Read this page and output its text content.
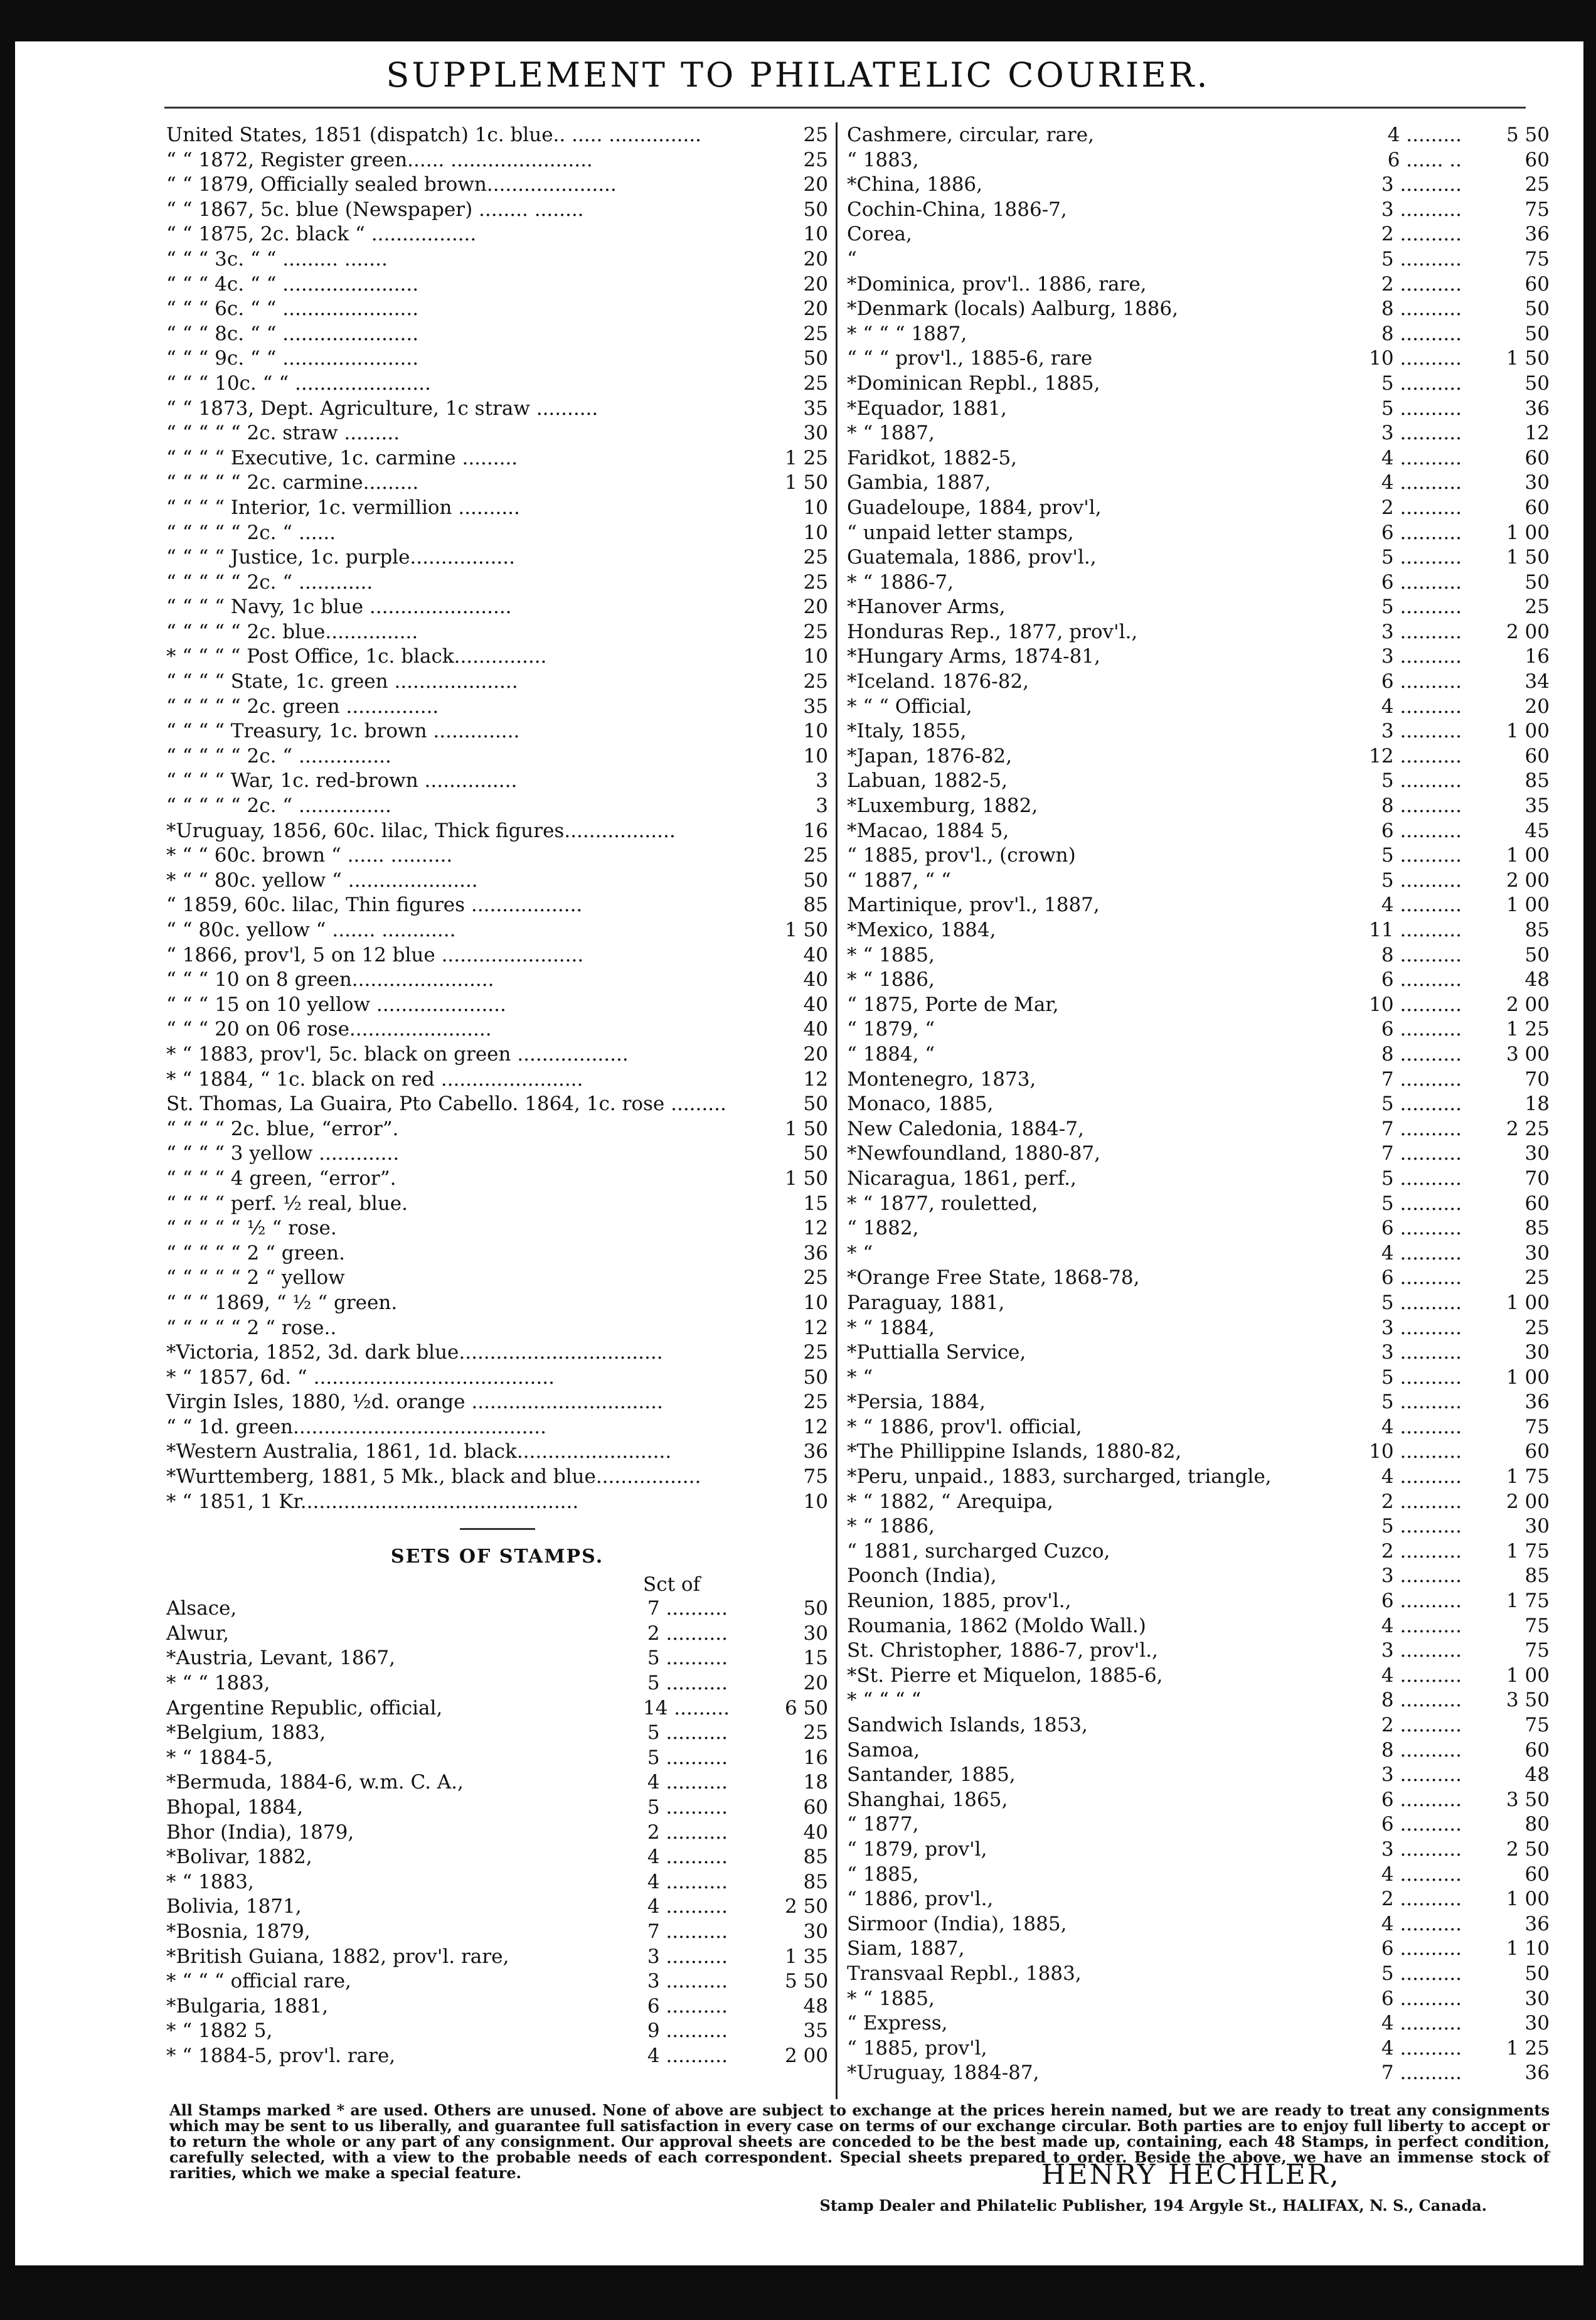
SUPPLEMENT TO PHILATELIC COURIER.
United States, 1851 (dispatch) 1c. blue.. ..... ...............	25
“ “ 1872, Register green...... .......................	25
“ “ 1879, Officially sealed brown.....................	20
“ “ 1867, 5c. blue (Newspaper) ........ ........	50
“ “ 1875, 2c. black “ .................	10
“ “ “ 3c. “ “ ......... .......	20
“ “ “ 4c. “ “ ......................	20
“ “ “ 6c. “ “ ......................	20
“ “ “ 8c. “ “ ......................	25
“ “ “ 9c. “ “ ......................	50
“ “ “ 10c. “ “ ......................	25
“ “ 1873, Dept. Agriculture, 1c straw ..........	35
“ “ “ “ “ 2c. straw .........	30
“ “ “ “ Executive, 1c. carmine .........	1 25
“ “ “ “ “ 2c. carmine.........	1 50
“ “ “ “ Interior, 1c. vermillion ..........	10
“ “ “ “ “ 2c. “ ......	10
“ “ “ “ Justice, 1c. purple.................	25
“ “ “ “ “ 2c. “ ............	25
“ “ “ “ Navy, 1c blue .......................	20
“ “ “ “ “ 2c. blue...............	25
* “ “ “ “ Post Office, 1c. black...............	10
“ “ “ “ State, 1c. green ....................	25
“ “ “ “ “ 2c. green ...............	35
“ “ “ “ Treasury, 1c. brown ..............	10
“ “ “ “ “ 2c. “ ...............	10
“ “ “ “ War, 1c. red-brown ...............	3
“ “ “ “ “ 2c. “ ...............	3
*Uruguay, 1856, 60c. lilac, Thick figures..................	16
* “ “ 60c. brown “ ...... ..........	25
* “ “ 80c. yellow “ .....................	50
“ 1859, 60c. lilac, Thin figures ..................	85
“ “ 80c. yellow “ ....... ............	1 50
“ 1866, prov'l, 5 on 12 blue .......................	40
“ “ “ 10 on 8 green.......................	40
“ “ “ 15 on 10 yellow .....................	40
“ “ “ 20 on 06 rose.......................	40
* “ 1883, prov'l, 5c. black on green ..................	20
* “ 1884, “ 1c. black on red .......................	12
St. Thomas, La Guaira, Pto Cabello. 1864, 1c. rose .........	50
“ “ “ “ 2c. blue, “error”.	1 50
“ “ “ “ 3 yellow .............	50
“ “ “ “ 4 green, “error”.	1 50
“ “ “ “ perf. ½ real, blue.	15
“ “ “ “ “ ½ “ rose.	12
“ “ “ “ “ 2 “ green.	36
“ “ “ “ “ 2 “ yellow	25
“ “ “ 1869, “ ½ “ green.	10
“ “ “ “ “ 2 “ rose..	12
*Victoria, 1852, 3d. dark blue.................................	25
* “ 1857, 6d. “ .......................................	50
Virgin Isles, 1880, ½d. orange ...............................	25
“ “ 1d. green.........................................	12
*Western Australia, 1861, 1d. black.........................	36
*Wurttemberg, 1881, 5 Mk., black and blue.................	75
* “ 1851, 1 Kr.............................................	10
SETS OF STAMPS.
Sct of
Alsace,	7 ..........	50
Alwur,	2 ..........	30
*Austria, Levant, 1867,	5 ..........	15
* “ “ 1883,	5 ..........	20
Argentine Republic, official,	14 .........	6 50
*Belgium, 1883,	5 ..........	25
* “ 1884-5,	5 ..........	16
*Bermuda, 1884-6, w.m. C. A.,	4 ..........	18
Bhopal, 1884,	5 ..........	60
Bhor (India), 1879,	2 ..........	40
*Bolivar, 1882,	4 ..........	85
* “ 1883,	4 ..........	85
Bolivia, 1871,	4 ..........	2 50
*Bosnia, 1879,	7 ..........	30
*British Guiana, 1882, prov'l. rare,	3 ..........	1 35
* “ “ “ official rare,	3 ..........	5 50
*Bulgaria, 1881,	6 ..........	48
* “ 1882 5,	9 ..........	35
* “ 1884-5, prov'l. rare,	4 ..........	2 00
Cashmere, circular, rare,	4 .........	5 50
“ 1883,	6 ...... ..	60
*China, 1886,	3 ..........	25
Cochin-China, 1886-7,	3 ..........	75
Corea,	2 ..........	36
“	5 ..........	75
*Dominica, prov'l.. 1886, rare,	2 ..........	60
*Denmark (locals) Aalburg, 1886,	8 ..........	50
* “ “ “ 1887,	8 ..........	50
“ “ “ prov'l., 1885-6, rare	10 ..........	1 50
*Dominican Repbl., 1885,	5 ..........	50
*Equador, 1881,	5 ..........	36
* “ 1887,	3 ..........	12
Faridkot, 1882-5,	4 ..........	60
Gambia, 1887,	4 ..........	30
Guadeloupe, 1884, prov'l,	2 ..........	60
“ unpaid letter stamps,	6 ..........	1 00
Guatemala, 1886, prov'l.,	5 ..........	1 50
* “ 1886-7,	6 ..........	50
*Hanover Arms,	5 ..........	25
Honduras Rep., 1877, prov'l.,	3 ..........	2 00
*Hungary Arms, 1874-81,	3 ..........	16
*Iceland. 1876-82,	6 ..........	34
* “ “ Official,	4 ..........	20
*Italy, 1855,	3 ..........	1 00
*Japan, 1876-82,	12 ..........	60
Labuan, 1882-5,	5 ..........	85
*Luxemburg, 1882,	8 ..........	35
*Macao, 1884 5,	6 ..........	45
“ 1885, prov'l., (crown)	5 ..........	1 00
“ 1887, “ “	5 ..........	2 00
Martinique, prov'l., 1887,	4 ..........	1 00
*Mexico, 1884,	11 ..........	85
* “ 1885,	8 ..........	50
* “ 1886,	6 ..........	48
“ 1875, Porte de Mar,	10 ..........	2 00
“ 1879, “	6 ..........	1 25
“ 1884, “	8 ..........	3 00
Montenegro, 1873,	7 ..........	70
Monaco, 1885,	5 ..........	18
New Caledonia, 1884-7,	7 ..........	2 25
*Newfoundland, 1880-87,	7 ..........	30
Nicaragua, 1861, perf.,	5 ..........	70
* “ 1877, rouletted,	5 ..........	60
“ 1882,	6 ..........	85
* “	4 ..........	30
*Orange Free State, 1868-78,	6 ..........	25
Paraguay, 1881,	5 ..........	1 00
* “ 1884,	3 ..........	25
*Puttialla Service,	3 ..........	30
* “	5 ..........	1 00
*Persia, 1884,	5 ..........	36
* “ 1886, prov'l. official,	4 ..........	75
*The Phillippine Islands, 1880-82,	10 ..........	60
*Peru, unpaid., 1883, surcharged, triangle,	4 ..........	1 75
* “ 1882, “ Arequipa,	2 ..........	2 00
* “ 1886,	5 ..........	30
“ 1881, surcharged Cuzco,	2 ..........	1 75
Poonch (India),	3 ..........	85
Reunion, 1885, prov'l.,	6 ..........	1 75
Roumania, 1862 (Moldo Wall.)	4 ..........	75
St. Christopher, 1886-7, prov'l.,	3 ..........	75
*St. Pierre et Miquelon, 1885-6,	4 ..........	1 00
* “ “ “ “	8 ..........	3 50
Sandwich Islands, 1853,	2 ..........	75
Samoa,	8 ..........	60
Santander, 1885,	3 ..........	48
Shanghai, 1865,	6 ..........	3 50
“ 1877,	6 ..........	80
“ 1879, prov'l,	3 ..........	2 50
“ 1885,	4 ..........	60
“ 1886, prov'l.,	2 ..........	1 00
Sirmoor (India), 1885,	4 ..........	36
Siam, 1887,	6 ..........	1 10
Transvaal Repbl., 1883,	5 ..........	50
* “ 1885,	6 ..........	30
“ Express,	4 ..........	30
“ 1885, prov'l,	4 ..........	1 25
*Uruguay, 1884-87,	7 ..........	36
All Stamps marked * are used. Others are unused. None of above are subject to exchange at the prices herein named, but we are ready to treat any consignments which may be sent to us liberally, and guarantee full satisfaction in every case on terms of our exchange circular. Both parties are to enjoy full liberty to accept or to return the whole or any part of any consignment. Our approval sheets are conceded to be the best made up, containing, each 48 Stamps, in perfect condition, carefully selected, with a view to the probable needs of each correspondent. Special sheets prepared to order. Beside the above, we have an immense stock of rarities, which we make a special feature.	HENRY HECHLER,
Stamp Dealer and Philatelic Publisher, 194 Argyle St., HALIFAX, N. S., Canada.
